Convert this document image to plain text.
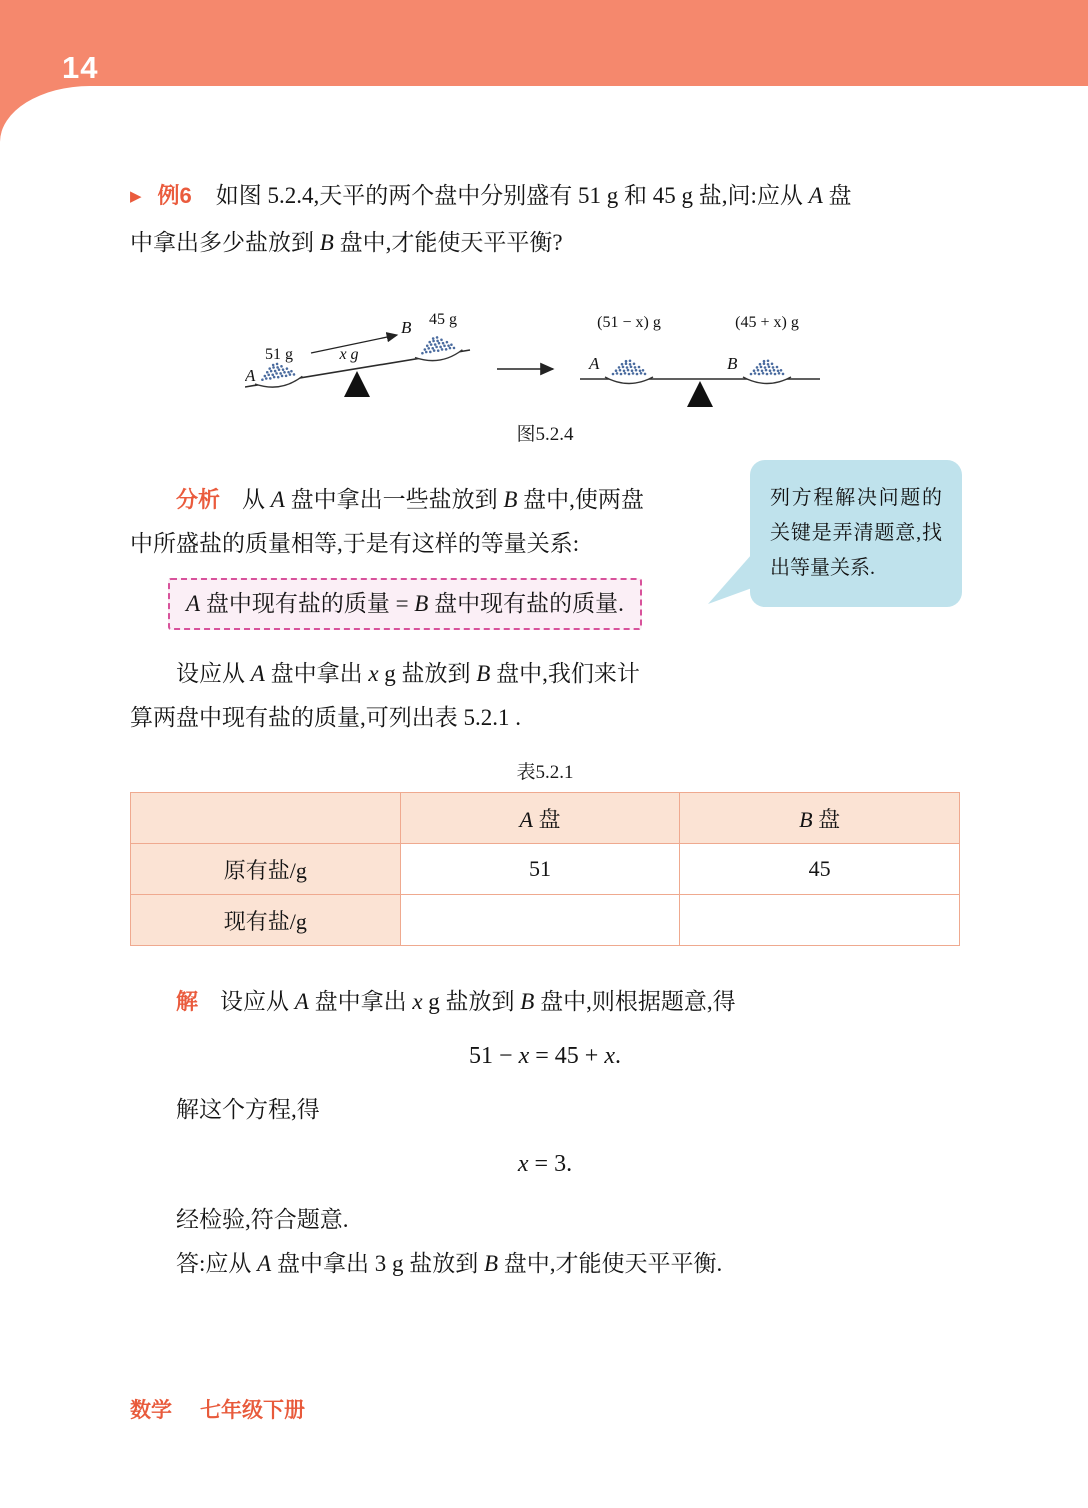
14
▶ 例6 如图 5.2.4,天平的两个盘中分别盛有 51 g 和 45 g 盐,问:应从 A 盘
中拿出多少盐放到 B 盘中,才能使天平平衡?
A
51 g	x g
B 45 g	(51 − x) g	(45 + x) g
A	B
图5.2.4
分析 从 A 盘中拿出一些盐放到 B 盘中,使两盘
中所盛盐的质量相等,于是有这样的等量关系:
A 盘中现有盐的质量 = B 盘中现有盐的质量.
列方程解决问题的关键是弄清题意,找出等量关系.
设应从 A 盘中拿出 x g 盐放到 B 盘中,我们来计
算两盘中现有盐的质量,可列出表 5.2.1 .
表5.2.1
	A 盘	B 盘
原有盐/g	51	45
现有盐/g		
解 设应从 A 盘中拿出 x g 盐放到 B 盘中,则根据题意,得
51 − x = 45 + x.
解这个方程,得
x = 3.
经检验,符合题意.
答:应从 A 盘中拿出 3 g 盐放到 B 盘中,才能使天平平衡.
数学 七年级下册
